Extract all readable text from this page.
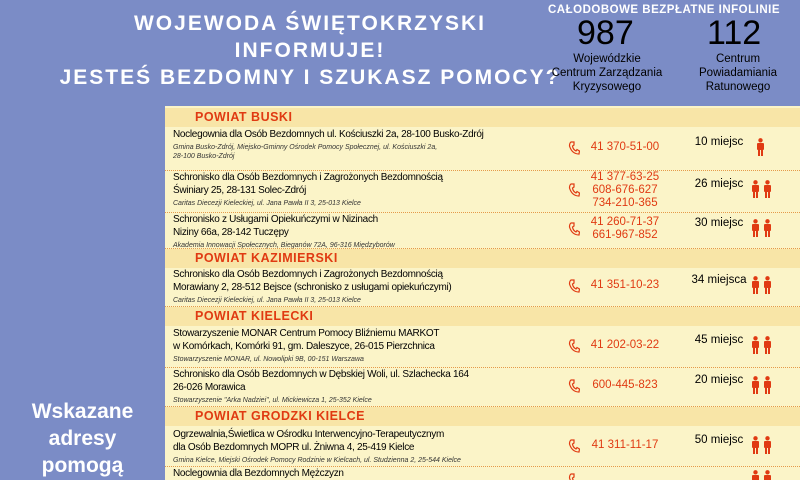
WOJEWODA ŚWIĘTOKRZYSKI
INFORMUJE!
JESTEŚ BEZDOMNY I SZUKASZ POMOCY?
CAŁODOBOWE BEZPŁATNE INFOLINIE
987
Wojewódzkie
Centrum Zarządzania
Kryzysowego
112
Centrum
Powiadamiania
Ratunowego
Wskazane
adresy
pomogą
POWIAT BUSKI
Noclegownia dla Osób Bezdomnych ul. Kościuszki 2a, 28-100 Busko-Zdrój
Gmina Busko-Zdrój, Miejsko-Gminny Ośrodek Pomocy Społecznej, ul. Kościuszki 2a,
28-100 Busko-Zdrój
41 370-51-00	10 miejsc
Schronisko dla Osób Bezdomnych i Zagrożonych Bezdomnością
Świniary 25, 28-131 Solec-Zdrój
Caritas Diecezji Kieleckiej, ul. Jana Pawła II 3, 25-013 Kielce
41 377-63-25
608-676-627
734-210-365
26 miejsc
Schronisko z Usługami Opiekuńczymi w Nizinach
Niziny 66a, 28-142 Tuczępy
Akademia Innowacji Społecznych, Bieganów 72A, 96-316 Międzyborów
41 260-71-37
661-967-852
30 miejsc
POWIAT KAZIMIERSKI
Schronisko dla Osób Bezdomnych i Zagrożonych Bezdomnością
Morawiany 2, 28-512 Bejsce (schronisko z usługami opiekuńczymi)
Caritas Diecezji Kieleckiej, ul. Jana Pawła II 3, 25-013 Kielce
41 351-10-23	34 miejsca
POWIAT KIELECKI
Stowarzyszenie MONAR Centrum Pomocy Bliźniemu MARKOT
w Komórkach, Komórki 91, gm. Daleszyce, 26-015 Pierzchnica
Stowarzyszenie MONAR, ul. Nowolipki 9B, 00-151 Warszawa
41 202-03-22	45 miejsc
Schronisko dla Osób Bezdomnych w Dębskiej Woli, ul. Szlachecka 164
26-026 Morawica
Stowarzyszenie "Arka Nadziei", ul. Mickiewicza 1, 25-352 Kielce
600-445-823	20 miejsc
POWIAT GRODZKI KIELCE
Ogrzewalnia,Świetlica w Ośrodku Interwencyjno-Terapeutycznym
dla Osób Bezdomnych MOPR ul. Żniwna 4, 25-419 Kielce
Gmina Kielce, Miejski Ośrodek Pomocy Rodzinie w Kielcach, ul. Studzienna 2, 25-544 Kielce
41 311-11-17	50 miejsc
Noclegownia dla Bezdomnych Mężczyzn
